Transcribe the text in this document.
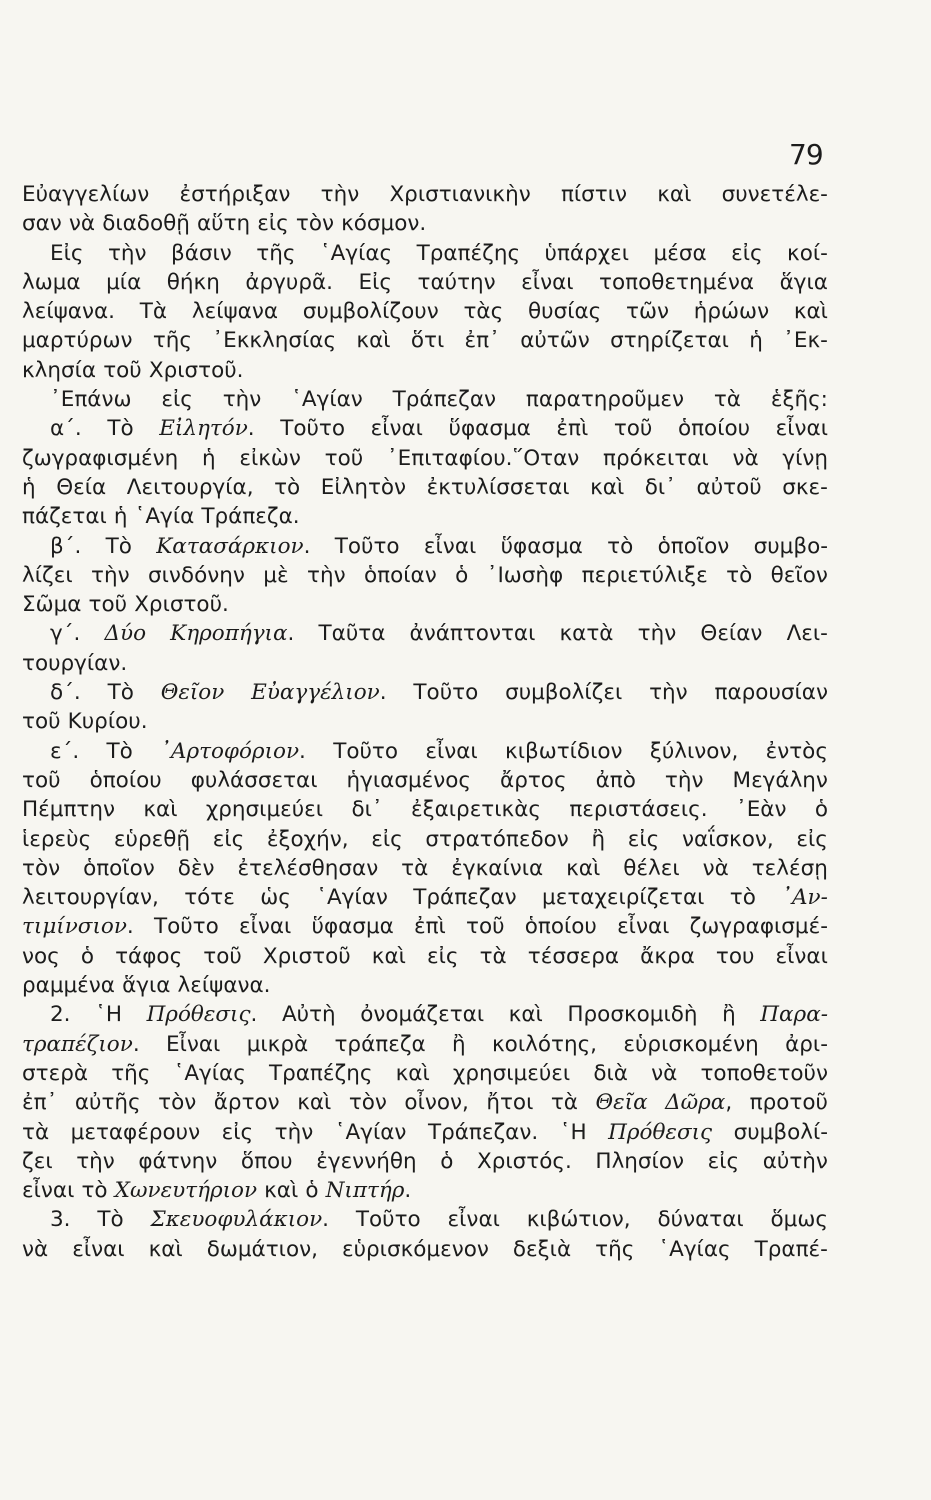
79
Εὐαγγελίων ἐστήριξαν τὴν Χριστιανικὴν πίστιν καὶ συνετέλε-
σαν νὰ διαδοθῇ αὕτη εἰς τὸν κόσμον.
Εἰς τὴν βάσιν τῆς ῾Αγίας Τραπέζης ὑπάρχει μέσα εἰς κοί-
λωμα μία θήκη ἀργυρᾶ. Εἰς ταύτην εἶναι τοποθετημένα ἅγια
λείψανα. Τὰ λείψανα συμβολίζουν τὰς θυσίας τῶν ἡρώων καὶ
μαρτύρων τῆς ᾿Εκκλησίας καὶ ὅτι ἐπ᾿ αὐτῶν στηρίζεται ἡ ᾿Εκ-
κλησία τοῦ Χριστοῦ.
᾿Επάνω εἰς τὴν ῾Αγίαν Τράπεζαν παρατηροῦμεν τὰ ἑξῆς:
α΄. Τὸ Εἰλητόν. Τοῦτο εἶναι ὕφασμα ἐπὶ τοῦ ὁποίου εἶναι
ζωγραφισμένη ἡ εἰκὼν τοῦ ᾿Επιταφίου.῞Οταν πρόκειται νὰ γίνῃ
ἡ Θεία Λειτουργία, τὸ Εἰλητὸν ἐκτυλίσσεται καὶ δι᾿ αὐτοῦ σκε-
πάζεται ἡ ῾Αγία Τράπεζα.
β΄. Τὸ Κατασάρκιον. Τοῦτο εἶναι ὕφασμα τὸ ὁποῖον συμβο-
λίζει τὴν σινδόνην μὲ τὴν ὁποίαν ὁ ᾿Ιωσὴφ περιετύλιξε τὸ θεῖον
Σῶμα τοῦ Χριστοῦ.
γ΄. Δύο Κηροπήγια. Ταῦτα ἀνάπτονται κατὰ τὴν Θείαν Λει-
τουργίαν.
δ΄. Τὸ Θεῖον Εὐαγγέλιον. Τοῦτο συμβολίζει τὴν παρουσίαν
τοῦ Κυρίου.
ε΄. Τὸ ᾿Αρτοφόριον. Τοῦτο εἶναι κιβωτίδιον ξύλινον, ἐντὸς
τοῦ ὁποίου φυλάσσεται ἡγιασμένος ἄρτος ἀπὸ τὴν Μεγάλην
Πέμπτην καὶ χρησιμεύει δι᾿ ἐξαιρετικὰς περιστάσεις. ᾿Εὰν ὁ
ἱερεὺς εὑρεθῇ εἰς ἐξοχήν, εἰς στρατόπεδον ἢ εἰς ναΐσκον, εἰς
τὸν ὁποῖον δὲν ἐτελέσθησαν τὰ ἐγκαίνια καὶ θέλει νὰ τελέσῃ
λειτουργίαν, τότε ὡς ῾Αγίαν Τράπεζαν μεταχειρίζεται τὸ ᾿Αν-
τιμίνσιον. Τοῦτο εἶναι ὕφασμα ἐπὶ τοῦ ὁποίου εἶναι ζωγραφισμέ-
νος ὁ τάφος τοῦ Χριστοῦ καὶ εἰς τὰ τέσσερα ἄκρα του εἶναι
ραμμένα ἅγια λείψανα.
2. ῾Η Πρόθεσις. Αὐτὴ ὀνομάζεται καὶ Προσκομιδὴ ἢ Παρα-
τραπέζιον. Εἶναι μικρὰ τράπεζα ἢ κοιλότης, εὑρισκομένη ἀρι-
στερὰ τῆς ῾Αγίας Τραπέζης καὶ χρησιμεύει διὰ νὰ τοποθετοῦν
ἐπ᾿ αὐτῆς τὸν ἄρτον καὶ τὸν οἶνον, ἤτοι τὰ Θεῖα Δῶρα, προτοῦ
τὰ μεταφέρουν εἰς τὴν ῾Αγίαν Τράπεζαν. ῾Η Πρόθεσις συμβολί-
ζει τὴν φάτνην ὅπου ἐγεννήθη ὁ Χριστός. Πλησίον εἰς αὐτὴν
εἶναι τὸ Χωνευτήριον καὶ ὁ Νιπτήρ.
3. Τὸ Σκευοφυλάκιον. Τοῦτο εἶναι κιβώτιον, δύναται ὅμως
νὰ εἶναι καὶ δωμάτιον, εὑρισκόμενον δεξιὰ τῆς ῾Αγίας Τραπέ-
